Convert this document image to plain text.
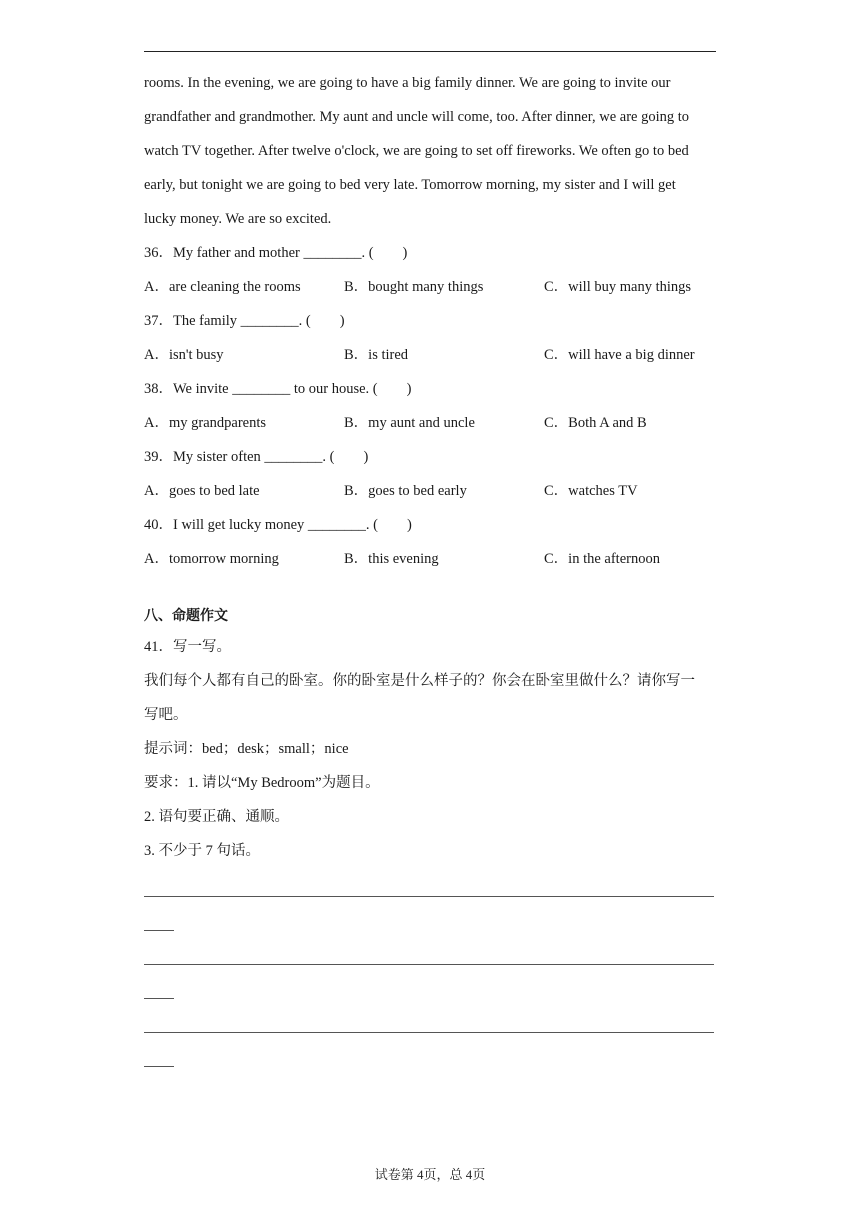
rooms. In the evening, we are going to have a big family dinner. We are going to invite our
grandfather and grandmother. My aunt and uncle will come, too. After dinner, we are going to
watch TV together. After twelve o'clock, we are going to set off fireworks. We often go to bed
early, but tonight we are going to bed very late. Tomorrow morning, my sister and I will get
lucky money. We are so excited.
36．My father and mother ________. (　　)
A．are cleaning the rooms	B．bought many things	C．will buy many things
37．The family ________. (　　)
A．isn't busy	B．is tired	C．will have a big dinner
38．We invite ________ to our house. (　　)
A．my grandparents	B．my aunt and uncle	C．Both A and B
39．My sister often ________. (　　)
A．goes to bed late	B．goes to bed early	C．watches TV
40．I will get lucky money ________. (　　)
A．tomorrow morning	B．this evening	C．in the afternoon
八、命题作文
41．写一写。
我们每个人都有自己的卧室。你的卧室是什么样子的？你会在卧室里做什么？请你写一
写吧。
提示词：bed；desk；small；nice
要求：1. 请以“My Bedroom”为题目。
2. 语句要正确、通顺。
3. 不少于 7 句话。
试卷第 4页，总 4页
